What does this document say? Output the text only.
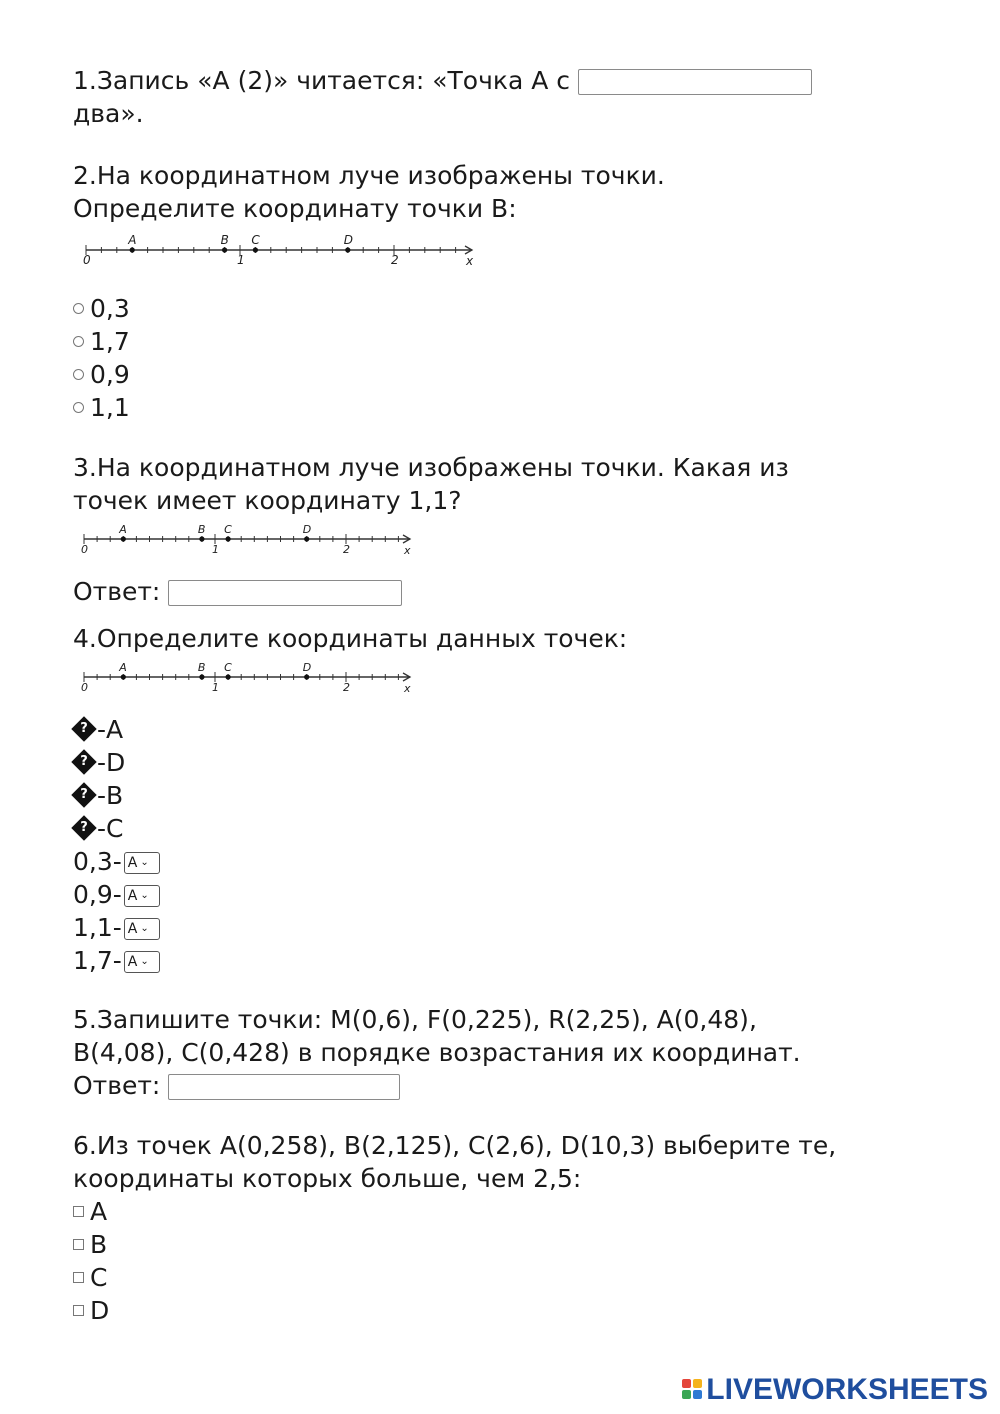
1.Запись «А (2)» читается: «Точка А с
два».
2.На координатном луче изображены точки.
Определите координату точки В:
0	1	2	x
A	B C	D
0,3
1,7
0,9
1,1
3.На координатном луче изображены точки. Какая из
точек имеет координату 1,1?
0	1	2	x
A	B C	D
Ответ:
4.Определите координаты данных точек:
0	1	2	x
A	B C	D
? -А
? -D
? -В
? -C
0,3- A ⌄
0,9- A ⌄
1,1- A ⌄
1,7- A ⌄
5.Запишите точки: M(0,6), F(0,225), R(2,25), A(0,48),
B(4,08), C(0,428) в порядке возрастания их координат.
Ответ:
6.Из точек А(0,258), B(2,125), C(2,6), D(10,3) выберите те,
координаты которых больше, чем 2,5:
A
B
C
D
LIVEWORKSHEETS
